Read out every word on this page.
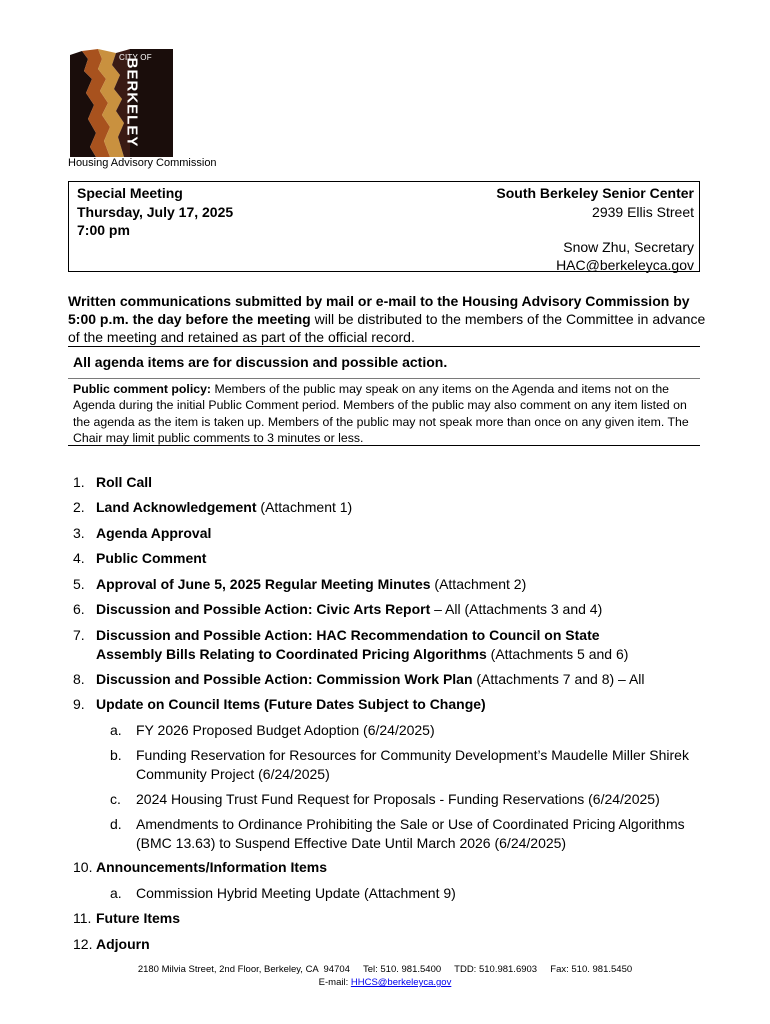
CITY OF
BERKELEY
Housing Advisory Commission
Special Meeting
Thursday, July 17, 2025
7:00 pm
South Berkeley Senior Center
2939 Ellis Street
Snow Zhu, Secretary
HAC@berkeleyca.gov
Written communications submitted by mail or e-mail to the Housing Advisory Commission by 5:00 p.m. the day before the meeting will be distributed to the members of the Committee in advance of the meeting and retained as part of the official record.
All agenda items are for discussion and possible action.
Public comment policy: Members of the public may speak on any items on the Agenda and items not on the Agenda during the initial Public Comment period. Members of the public may also comment on any item listed on the agenda as the item is taken up. Members of the public may not speak more than once on any given item. The Chair may limit public comments to 3 minutes or less.
1. Roll Call
2. Land Acknowledgement (Attachment 1)
3. Agenda Approval
4. Public Comment
5. Approval of June 5, 2025 Regular Meeting Minutes (Attachment 2)
6. Discussion and Possible Action: Civic Arts Report – All (Attachments 3 and 4)
7. Discussion and Possible Action: HAC Recommendation to Council on State Assembly Bills Relating to Coordinated Pricing Algorithms (Attachments 5 and 6)
8. Discussion and Possible Action: Commission Work Plan (Attachments 7 and 8) – All
9. Update on Council Items (Future Dates Subject to Change)
a. FY 2026 Proposed Budget Adoption (6/24/2025)
b. Funding Reservation for Resources for Community Development’s Maudelle Miller Shirek Community Project (6/24/2025)
c. 2024 Housing Trust Fund Request for Proposals - Funding Reservations (6/24/2025)
d. Amendments to Ordinance Prohibiting the Sale or Use of Coordinated Pricing Algorithms (BMC 13.63) to Suspend Effective Date Until March 2026 (6/24/2025)
10. Announcements/Information Items
a. Commission Hybrid Meeting Update (Attachment 9)
11. Future Items
12. Adjourn
2180 Milvia Street, 2nd Floor, Berkeley, CA  94704     Tel: 510. 981.5400     TDD: 510.981.6903     Fax: 510. 981.5450
E-mail: HHCS@berkeleyca.gov
